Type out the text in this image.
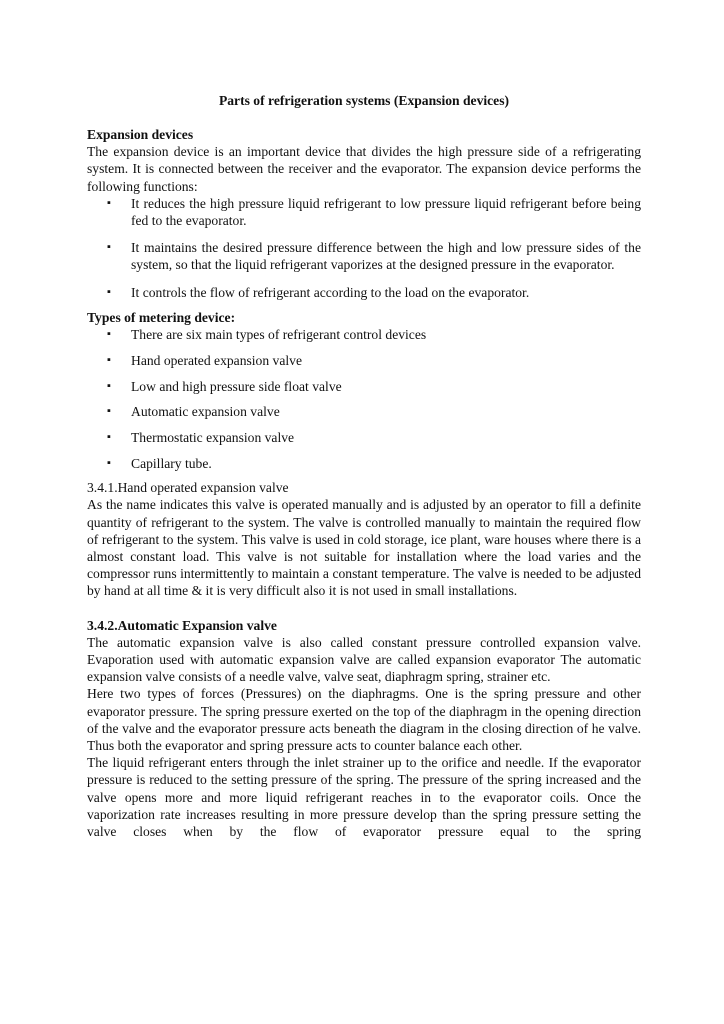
Parts of refrigeration systems (Expansion devices)
Expansion devices

The expansion device is an important device that divides the high pressure side of a refrigerating system. It is connected between the receiver and the evaporator. The expansion device performs the following functions:

▪ It reduces the high pressure liquid refrigerant to low pressure liquid refrigerant before being fed to the evaporator.
▪ It maintains the desired pressure difference between the high and low pressure sides of the system, so that the liquid refrigerant vaporizes at the designed pressure in the evaporator.
▪ It controls the flow of refrigerant according to the load on the evaporator.
Types of metering device:
▪ There are six main types of refrigerant control devices
▪ Hand operated expansion valve
▪ Low and high pressure side float valve
▪ Automatic expansion valve
▪ Thermostatic expansion valve
▪ Capillary tube.
3.4.1.Hand operated expansion valve

As the name indicates this valve is operated manually and is adjusted by an operator to fill a definite quantity of refrigerant to the system. The valve is controlled manually to maintain the required flow of refrigerant to the system. This valve is used in cold storage, ice plant, ware houses where there is a almost constant load. This valve is not suitable for installation where the load varies and the compressor runs intermittently to maintain a constant temperature. The valve is needed to be adjusted by hand at all time & it is very difficult also it is not used in small installations.

3.4.2.Automatic Expansion valve

The automatic expansion valve is also called constant pressure controlled expansion valve. Evaporation used with automatic expansion valve are called expansion evaporator The automatic expansion valve consists of a needle valve, valve seat, diaphragm spring, strainer etc.

Here two types of forces (Pressures) on the diaphragms. One is the spring pressure and other evaporator pressure. The spring pressure exerted on the top of the diaphragm in the opening direction of the valve and the evaporator pressure acts beneath the diagram in the closing direction of he valve. Thus both the evaporator and spring pressure acts to counter balance each other.

The liquid refrigerant enters through the inlet strainer up to the orifice and needle. If the evaporator pressure is reduced to the setting pressure of the spring. The pressure of the spring increased and the valve opens more and more liquid refrigerant reaches in to the evaporator coils. Once the vaporization rate increases resulting in more pressure develop than the spring pressure setting the valve closes when by the flow of evaporator pressure equal to the spring
